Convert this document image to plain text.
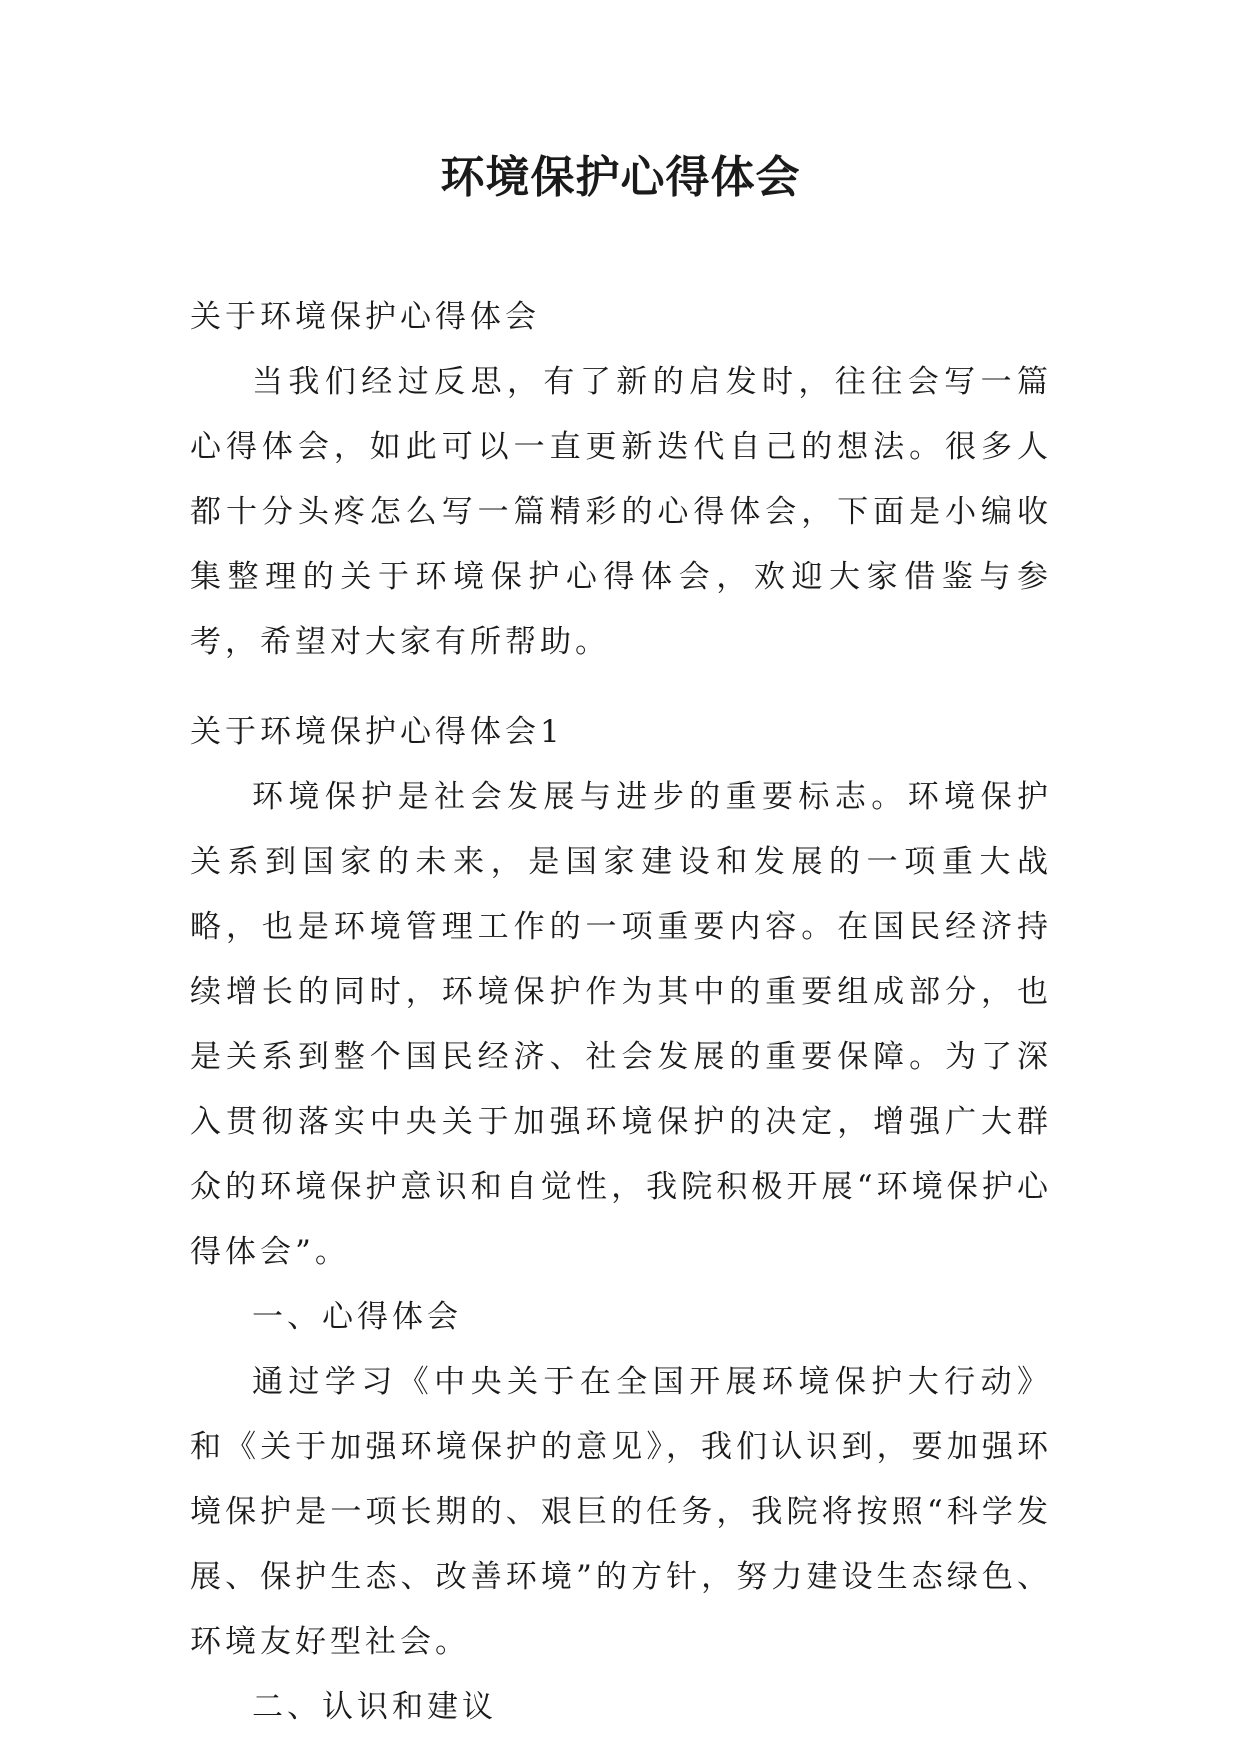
环境保护心得体会

关于环境保护心得体会

当我们经过反思，有了新的启发时，往往会写一篇心得体会，如此可以一直更新迭代自己的想法。很多人都十分头疼怎么写一篇精彩的心得体会，下面是小编收集整理的关于环境保护心得体会，欢迎大家借鉴与参考，希望对大家有所帮助。

关于环境保护心得体会1

环境保护是社会发展与进步的重要标志。环境保护关系到国家的未来，是国家建设和发展的一项重大战略，也是环境管理工作的一项重要内容。在国民经济持续增长的同时，环境保护作为其中的重要组成部分，也是关系到整个国民经济、社会发展的重要保障。为了深入贯彻落实中央关于加强环境保护的决定，增强广大群众的环境保护意识和自觉性，我院积极开展“环境保护心得体会”。

一、心得体会

通过学习《中央关于在全国开展环境保护大行动》和《关于加强环境保护的意见》，我们认识到，要加强环境保护是一项长期的、艰巨的任务，我院将按照“科学发展、保护生态、改善环境”的方针，努力建设生态绿色、环境友好型社会。

二、认识和建议
